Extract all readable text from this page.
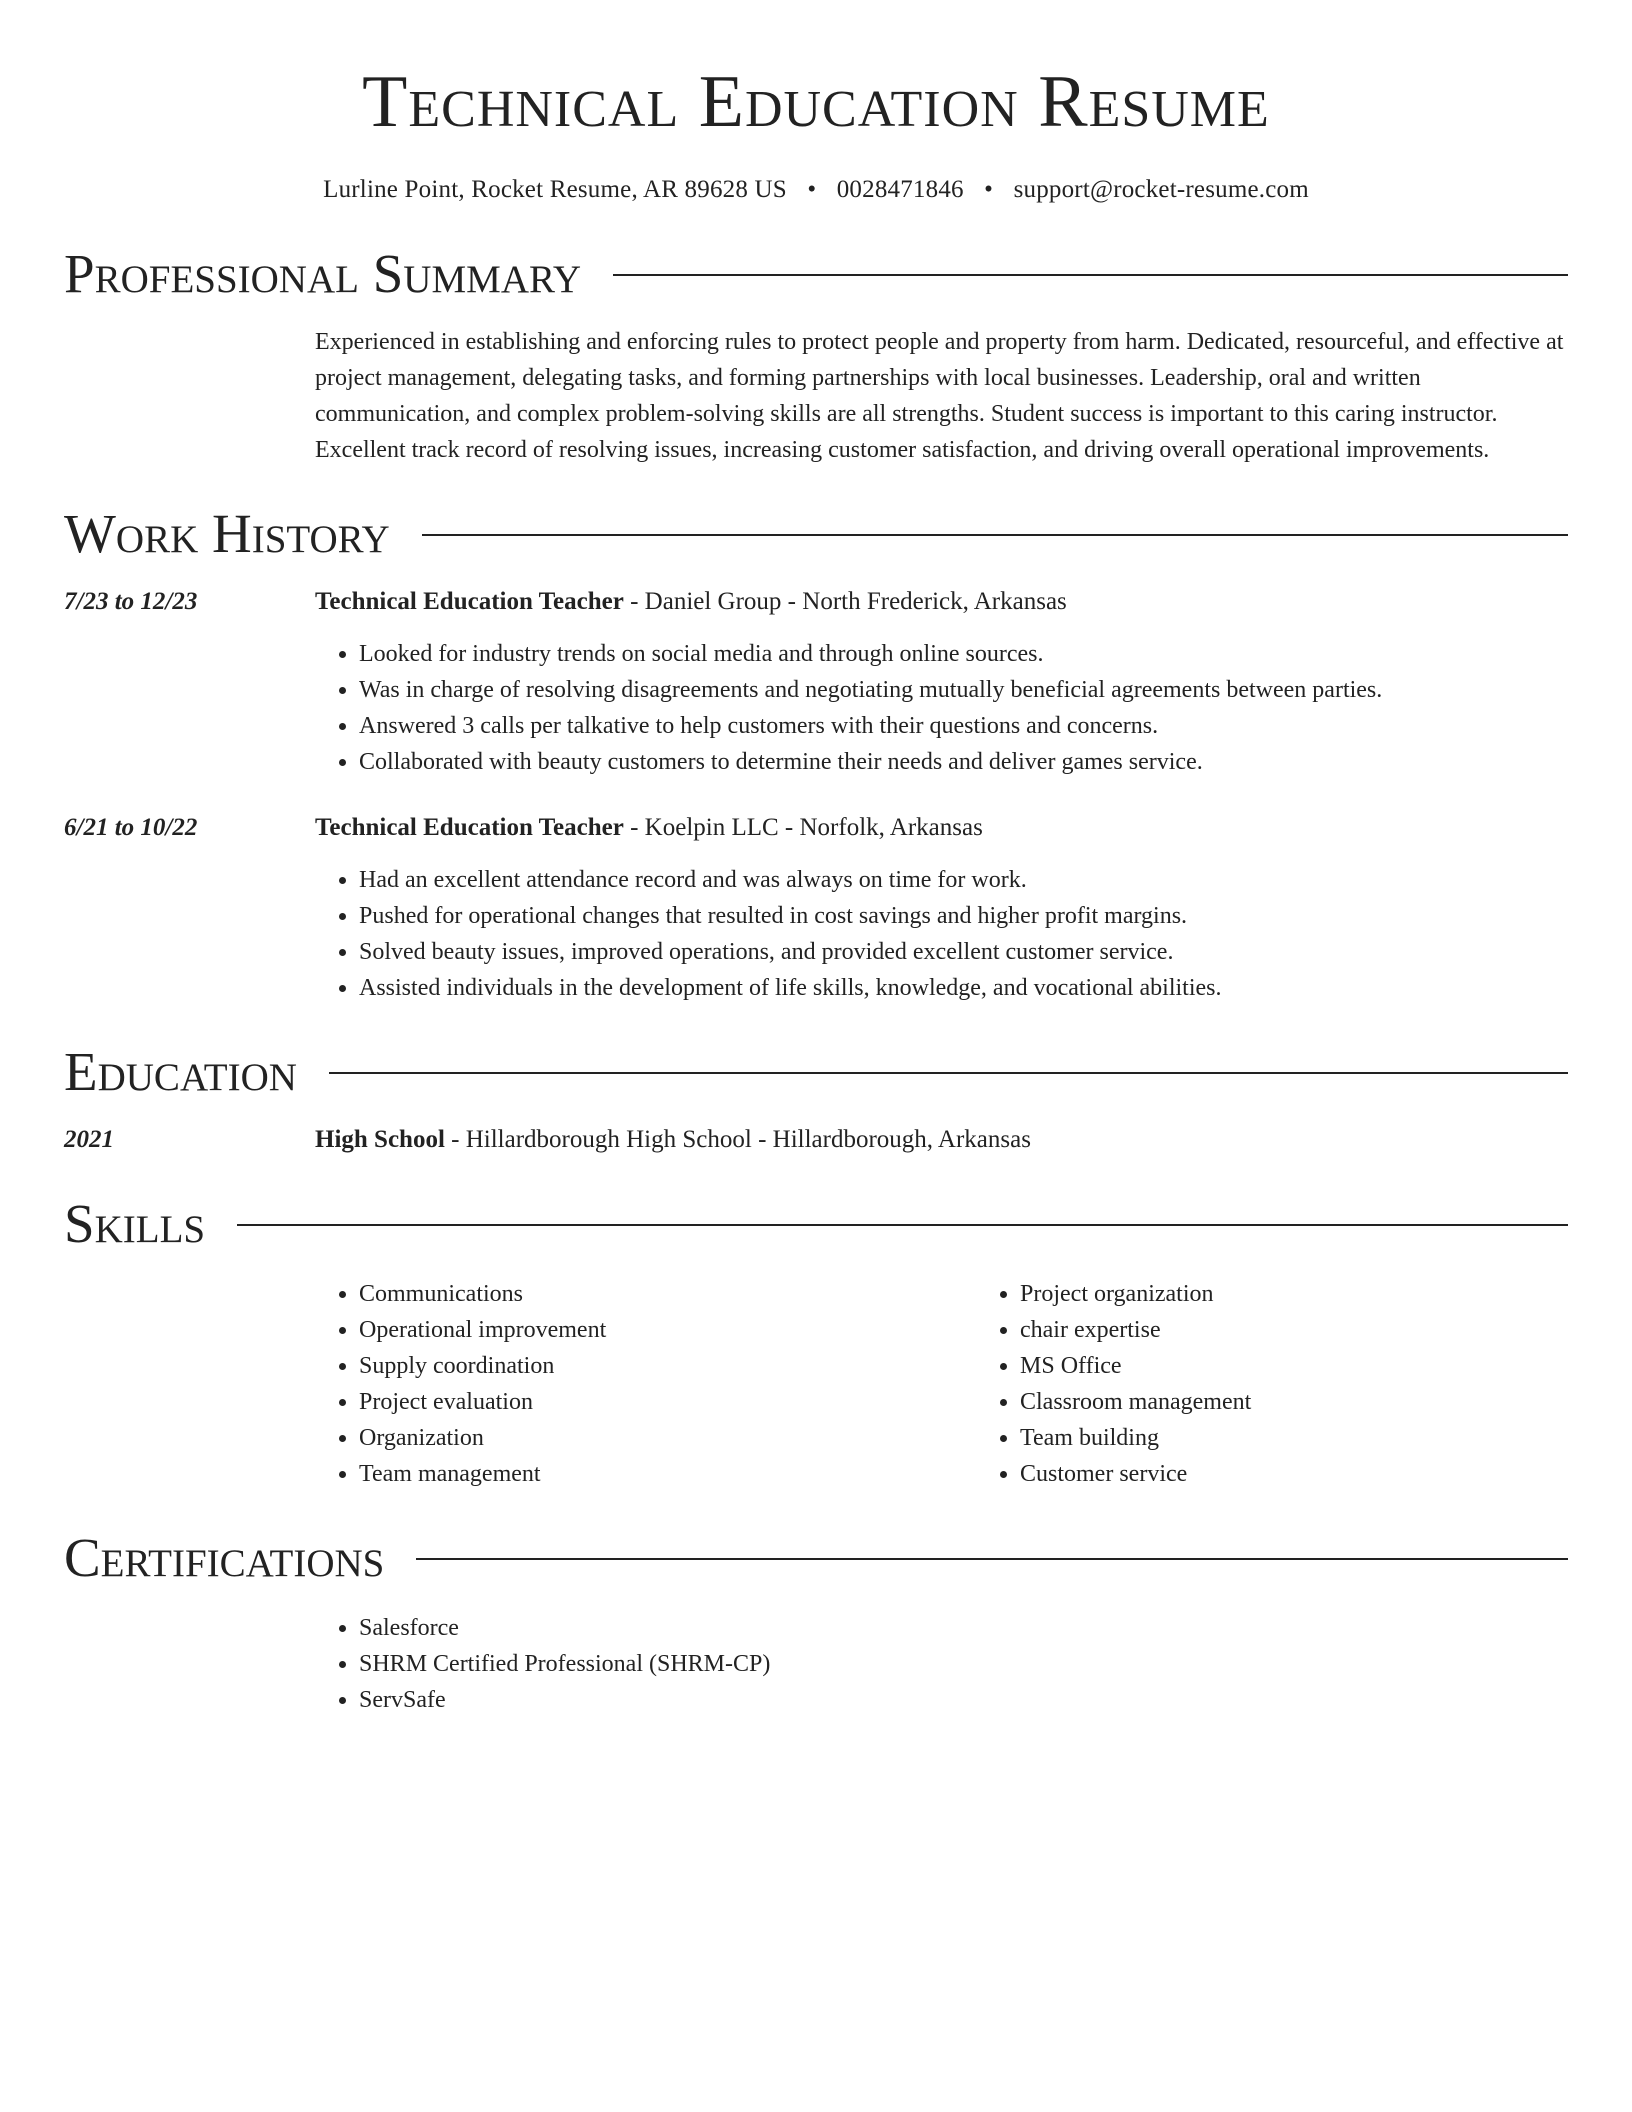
Technical Education Resume
Lurline Point, Rocket Resume, AR 89628 US • 0028471846 • support@rocket-resume.com
Professional Summary
Experienced in establishing and enforcing rules to protect people and property from harm. Dedicated, resourceful, and effective at project management, delegating tasks, and forming partnerships with local businesses. Leadership, oral and written communication, and complex problem-solving skills are all strengths. Student success is important to this caring instructor. Excellent track record of resolving issues, increasing customer satisfaction, and driving overall operational improvements.
Work History
7/23 to 12/23	Technical Education Teacher - Daniel Group - North Frederick, Arkansas
• Looked for industry trends on social media and through online sources.
• Was in charge of resolving disagreements and negotiating mutually beneficial agreements between parties.
• Answered 3 calls per talkative to help customers with their questions and concerns.
• Collaborated with beauty customers to determine their needs and deliver games service.
6/21 to 10/22	Technical Education Teacher - Koelpin LLC - Norfolk, Arkansas
• Had an excellent attendance record and was always on time for work.
• Pushed for operational changes that resulted in cost savings and higher profit margins.
• Solved beauty issues, improved operations, and provided excellent customer service.
• Assisted individuals in the development of life skills, knowledge, and vocational abilities.
Education
2021	High School - Hillardborough High School - Hillardborough, Arkansas
Skills
• Communications
• Operational improvement
• Supply coordination
• Project evaluation
• Organization
• Team management
• Project organization
• chair expertise
• MS Office
• Classroom management
• Team building
• Customer service
Certifications
• Salesforce
• SHRM Certified Professional (SHRM-CP)
• ServSafe
